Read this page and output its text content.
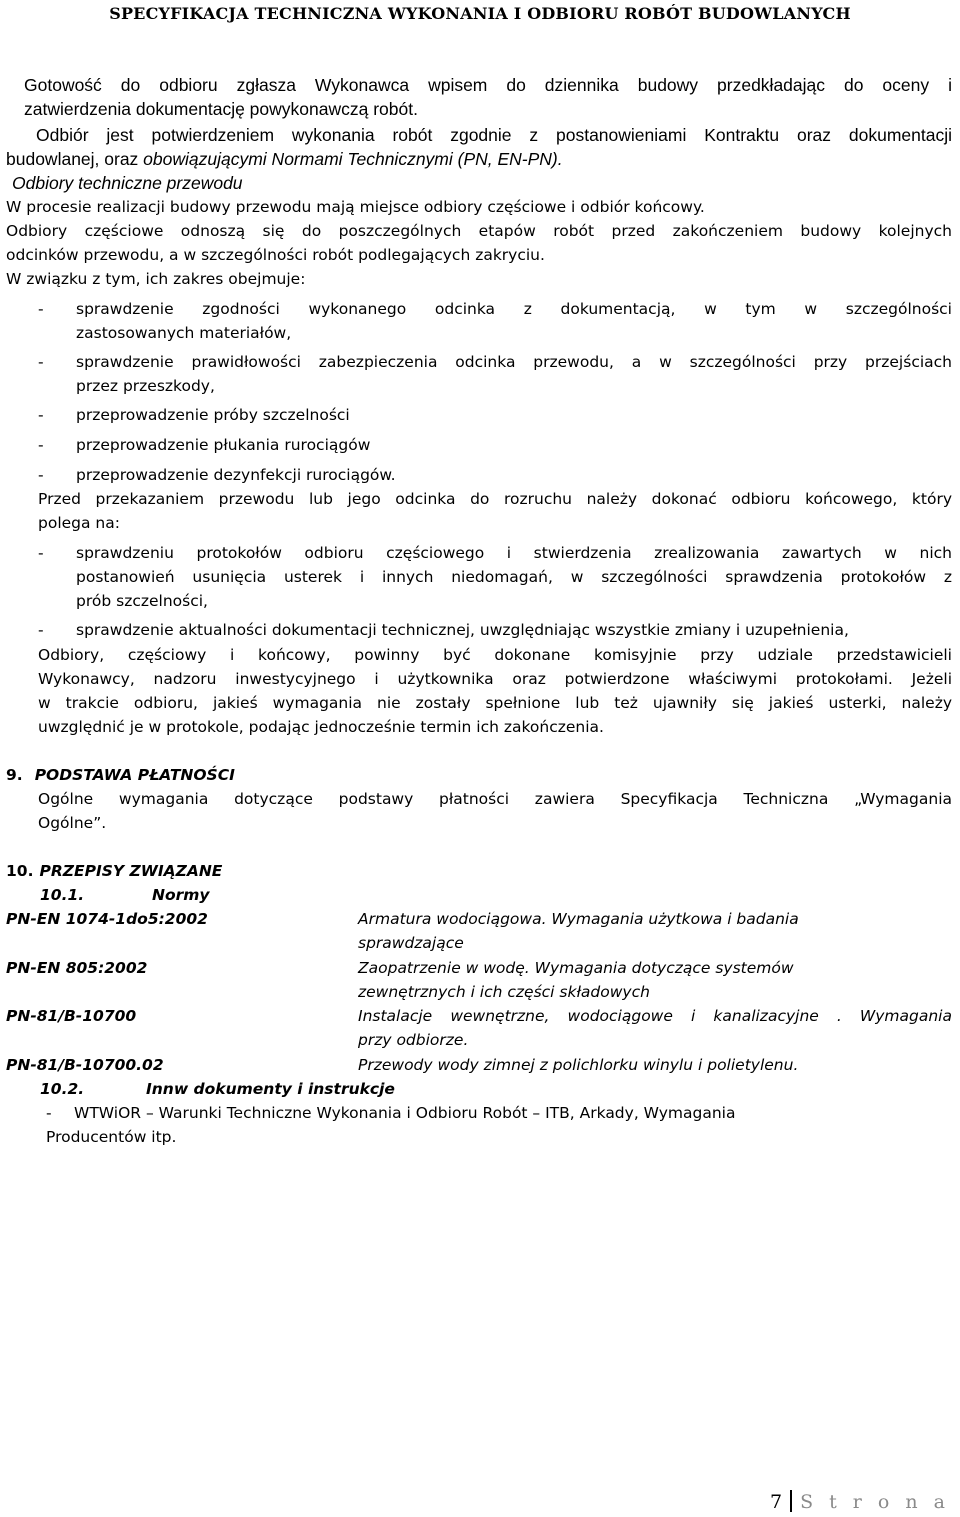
SPECYFIKACJA TECHNICZNA WYKONANIA I ODBIORU ROBÓT BUDOWLANYCH
Gotowość do odbioru zgłasza Wykonawca wpisem do dziennika budowy przedkładając do oceny i
zatwierdzenia dokumentację powykonawczą robót.
Odbiór jest potwierdzeniem wykonania robót zgodnie z postanowieniami Kontraktu oraz dokumentacji
budowlanej, oraz obowiązującymi Normami Technicznymi (PN, EN-PN).
Odbiory techniczne przewodu
W procesie realizacji budowy przewodu mają miejsce odbiory częściowe i odbiór końcowy.
Odbiory częściowe odnoszą się do poszczególnych etapów robót przed zakończeniem budowy kolejnych
odcinków przewodu, a w szczególności robót podlegających zakryciu.
W związku z tym, ich zakres obejmuje:
- sprawdzenie zgodności wykonanego odcinka z dokumentacją, w tym w szczególności
zastosowanych materiałów,
- sprawdzenie prawidłowości zabezpieczenia odcinka przewodu, a w szczególności przy przejściach
przez przeszkody,
- przeprowadzenie próby szczelności
- przeprowadzenie płukania rurociągów
- przeprowadzenie dezynfekcji rurociągów.
Przed przekazaniem przewodu lub jego odcinka do rozruchu należy dokonać odbioru końcowego, który
polega na:
- sprawdzeniu protokołów odbioru częściowego i stwierdzenia zrealizowania zawartych w nich
postanowień usunięcia usterek i innych niedomagań, w szczególności sprawdzenia protokołów z
prób szczelności,
- sprawdzenie aktualności dokumentacji technicznej, uwzględniając wszystkie zmiany i uzupełnienia,
Odbiory, częściowy i końcowy, powinny być dokonane komisyjnie przy udziale przedstawicieli
Wykonawcy, nadzoru inwestycyjnego i użytkownika oraz potwierdzone właściwymi protokołami. Jeżeli
w trakcie odbioru, jakieś wymagania nie zostały spełnione lub też ujawniły się jakieś usterki, należy
uwzględnić je w protokole, podając jednocześnie termin ich zakończenia.
9. PODSTAWA PŁATNOŚCI
Ogólne wymagania dotyczące podstawy płatności zawiera Specyfikacja Techniczna „Wymagania
Ogólne”.
10. PRZEPISY ZWIĄZANE
10.1.	Normy
PN-EN 1074-1do5:2002	Armatura wodociągowa. Wymagania użytkowa i badania
sprawdzające
PN-EN 805:2002	Zaopatrzenie w wodę. Wymagania dotyczące systemów
zewnętrznych i ich części składowych
PN-81/B-10700	Instalacje wewnętrzne, wodociągowe i kanalizacyjne . Wymagania
przy odbiorze.
PN-81/B-10700.02	Przewody wody zimnej z polichlorku winylu i polietylenu.
10.2.	Innw dokumenty i instrukcje
- WTWiOR – Warunki Techniczne Wykonania i Odbioru Robót – ITB, Arkady, Wymagania
Producentów itp.
7 S t r o n a
